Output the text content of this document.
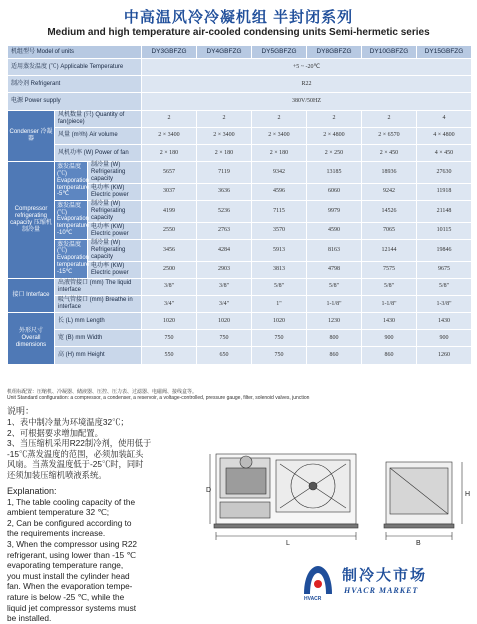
中高温风冷冷凝机组 半封闭系列
Medium and high temperature air-cooled condensing units Semi-hermetic series
机组型号 Model of units			DY3GBFZG	DY4GBFZG	DY5GBFZG	DY8GBFZG	DY10GBFZG	DY15GBFZG
适用蒸发温度 (℃) Applicable Temperature			+5 ~ -20℃					
制冷剂 Refrigerant			R22					
电源 Power supply			380V/50HZ					
Condenser 冷凝器	风机数量 (只) Quantity of fan(piece)		2	2	2	2	2	4
	风量 (m³/h) Air volume		2 × 3400	2 × 3400	2 × 3400	2 × 4800	2 × 6570	4 × 4800
	风机功率 (W) Power of fan		2 × 180	2 × 180	2 × 180	2 × 250	2 × 450	4 × 450
Compressor refrigerating capacity 压缩机制冷量	蒸发温度 (℃) Evaporation temperature -5℃	制冷量 (W) Refrigerating capacity	5657	7119	9342	13185	18936	27630
		电功率 (KW) Electric power	3037	3636	4596	6060	9242	11918
	蒸发温度 (℃) Evaporation temperature -10℃	制冷量 (W) Refrigerating capacity	4199	5236	7115	9979	14526	21148
		电功率 (KW) Electric power	2550	2763	3570	4590	7065	10115
	蒸发温度 (℃) Evaporation temperature -15℃	制冷量 (W) Refrigerating capacity	3456	4284	5913	8163	12144	19846
		电功率 (KW) Electric power	2500	2903	3813	4798	7575	9675
接口 Interface	出液管接口 (mm) The liquid interface		3/8"	3/8"	5/8"	5/8"	5/8"	5/8"
	吸气管接口 (mm) Breathe in interface		3/4"	3/4"	1"	1-1/8"	1-1/8"	1-3/8"
外形尺寸 Overall dimensions	长 (L) mm Length		1020	1020	1020	1230	1430	1430
	宽 (B) mm Width		750	750	750	800	900	900
	高 (H) mm Height		550	650	750	860	860	1260
机组标配置：压缩机、冷凝器、储液器、压控、压力表、过滤器、电磁阀、接线盒等。
Unit Standard configuration: a compressor, a condenser, a reservoir, a voltage-controlled, pressure gauge, filter, solenoid valves, junction

说明：

1、表中制冷量为环境温度32℃；

2、可根据要求增加配置。

3、当压缩机采用R22制冷剂，使用低于

-15℃蒸发温度的范围，必须加装缸头

风扇。当蒸发温度低于-25℃时，同时

还须加装压缩机喷液系统。

Explanation:

1, The table cooling capacity of the

ambient temperature 32 ℃;

2, Can be configured according to

the requirements increase.

3, When the compressor using R22

refrigerant, using lower than -15 ℃

evaporating temperature range,

you must install the cylinder head

fan. When the evaporation tempe-

rature is below -25 ℃, while the

liquid jet compressor systems must

be installed.

L	B
H
D
制冷大市场
HVACR MARKET
HVACR
